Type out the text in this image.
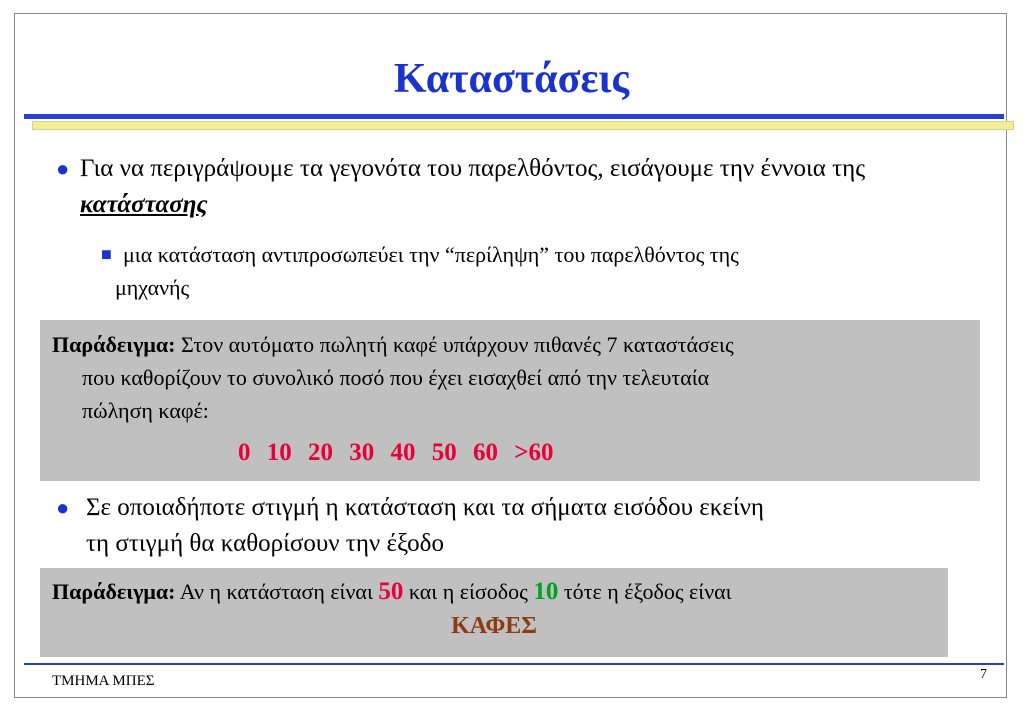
Καταστάσεις
● Για να περιγράψουμε τα γεγονότα του παρελθόντος, εισάγουμε την έννοια της κατάστασης
■ μια κατάσταση αντιπροσωπεύει την “περίληψη” του παρελθόντος της
μηχανής
Παράδειγμα: Στον αυτόματο πωλητή καφέ υπάρχουν πιθανές 7 καταστάσεις
που καθορίζουν το συνολικό ποσό που έχει εισαχθεί από την τελευταία
πώληση καφέ:
0 10 20 30 40 50 60 >60
● Σε οποιαδήποτε στιγμή η κατάσταση και τα σήματα εισόδου εκείνη
τη στιγμή θα καθορίσουν την έξοδο
Παράδειγμα: Αν η κατάσταση είναι 50 και η είσοδος 10 τότε η έξοδος είναι
ΚΑΦΕΣ
ΤΜΗΜΑ ΜΠΕΣ	7
